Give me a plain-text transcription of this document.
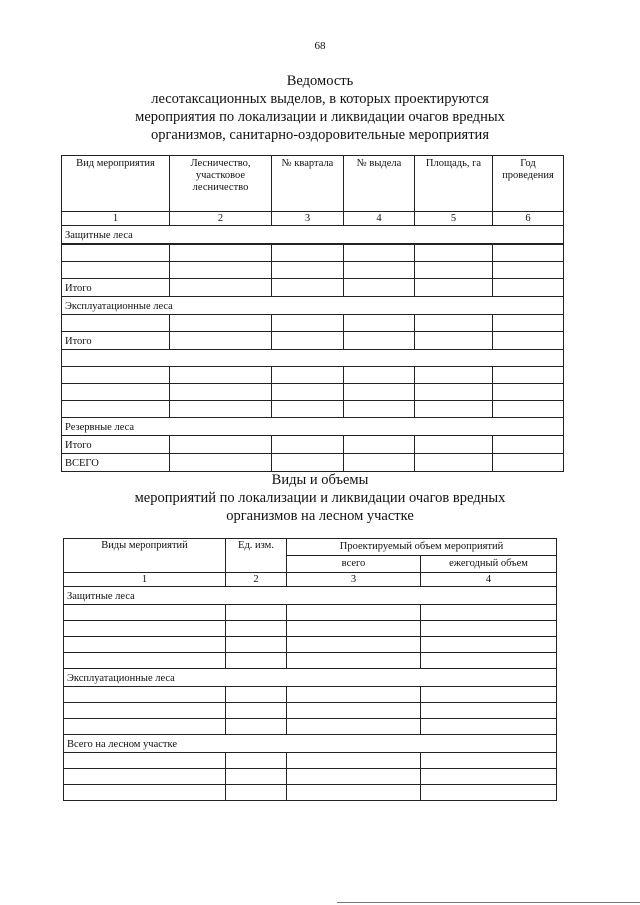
68
Ведомость
лесотаксационных выделов, в которых проектируются
мероприятия по локализации и ликвидации очагов вредных
организмов, санитарно-оздоровительные мероприятия
Вид мероприятия	Лесничество, участковое лесничество	№ квартала	№ выдела	Площадь, га	Год проведения
1	2	3	4	5	6
Защитные леса					

Итого					
Эксплуатационные леса					

Итого					

Резервные леса					
Итого					
ВСЕГО					
Виды и объемы
мероприятий по локализации и ликвидации очагов вредных
организмов на лесном участке
Виды мероприятий	Ед. изм.	Проектируемый объем мероприятий	
		всего	ежегодный объем
1	2	3	4
Защитные леса			

Эксплуатационные леса			

Всего на лесном участке			
